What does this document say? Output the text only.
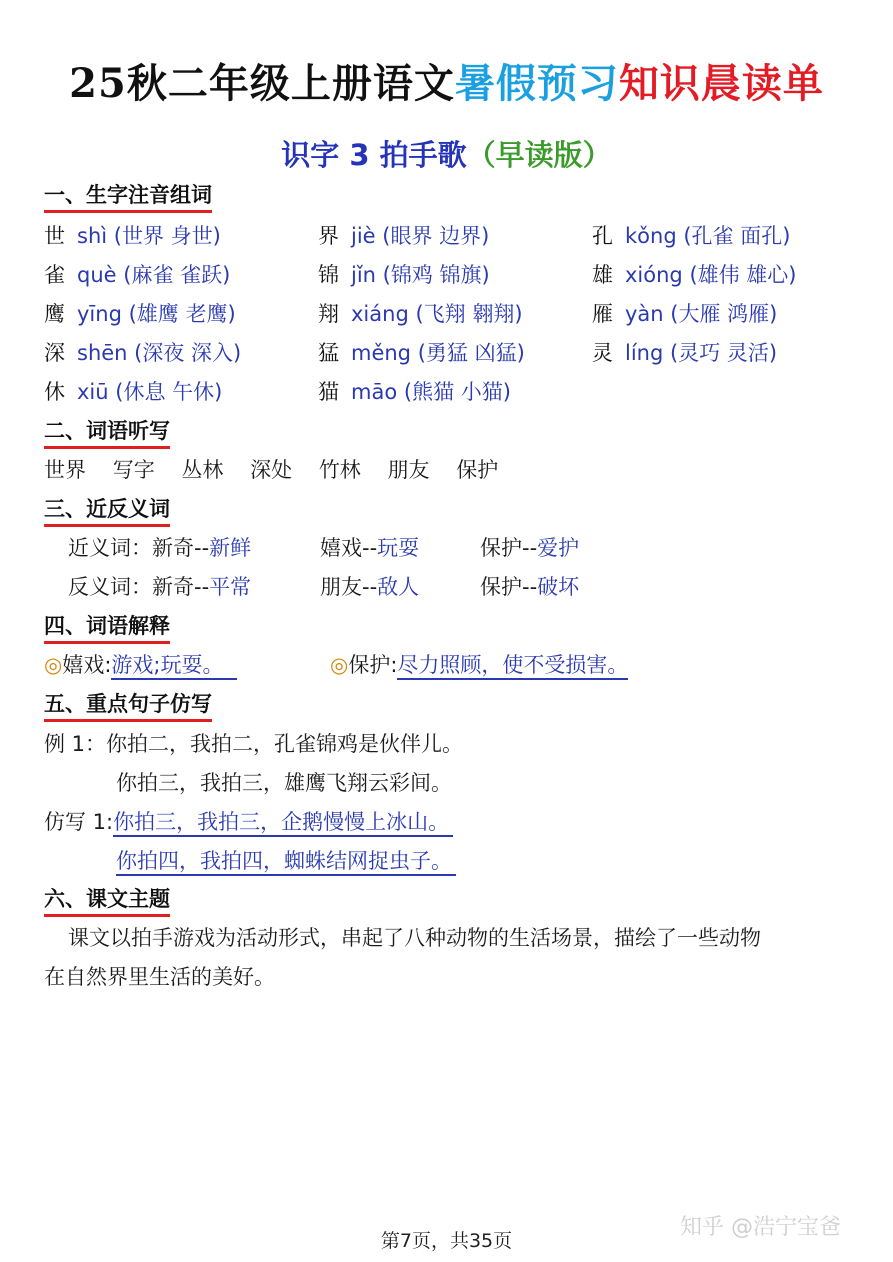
25秋二年级上册语文暑假预习知识晨读单
识字 3 拍手歌（早读版）
一、生字注音组词
世 shì (世界 身世)	界 jiè (眼界 边界)	孔 kǒng (孔雀 面孔)
雀 què (麻雀 雀跃)	锦 jǐn (锦鸡 锦旗)	雄 xióng (雄伟 雄心)
鹰 yīng (雄鹰 老鹰)	翔 xiáng (飞翔 翱翔)	雁 yàn (大雁 鸿雁)
深 shēn (深夜 深入)	猛 měng (勇猛 凶猛)	灵 líng (灵巧 灵活)
休 xiū (休息 午休)	猫 māo (熊猫 小猫)
二、词语听写
世界 写字 丛林 深处 竹林 朋友 保护
三、近反义词
近义词：新奇--新鲜	嬉戏--玩耍	保护--爱护
反义词：新奇--平常	朋友--敌人	保护--破坏
四、词语解释
◎嬉戏:游戏;玩耍。	◎保护:尽力照顾，使不受损害。
五、重点句子仿写
例 1：你拍二，我拍二，孔雀锦鸡是伙伴儿。
你拍三，我拍三，雄鹰飞翔云彩间。
仿写 1:你拍三，我拍三，企鹅慢慢上冰山。
你拍四，我拍四，蜘蛛结网捉虫子。
六、课文主题
课文以拍手游戏为活动形式，串起了八种动物的生活场景，描绘了一些动物
在自然界里生活的美好。
知乎 @浩宁宝爸
第7页，共35页
